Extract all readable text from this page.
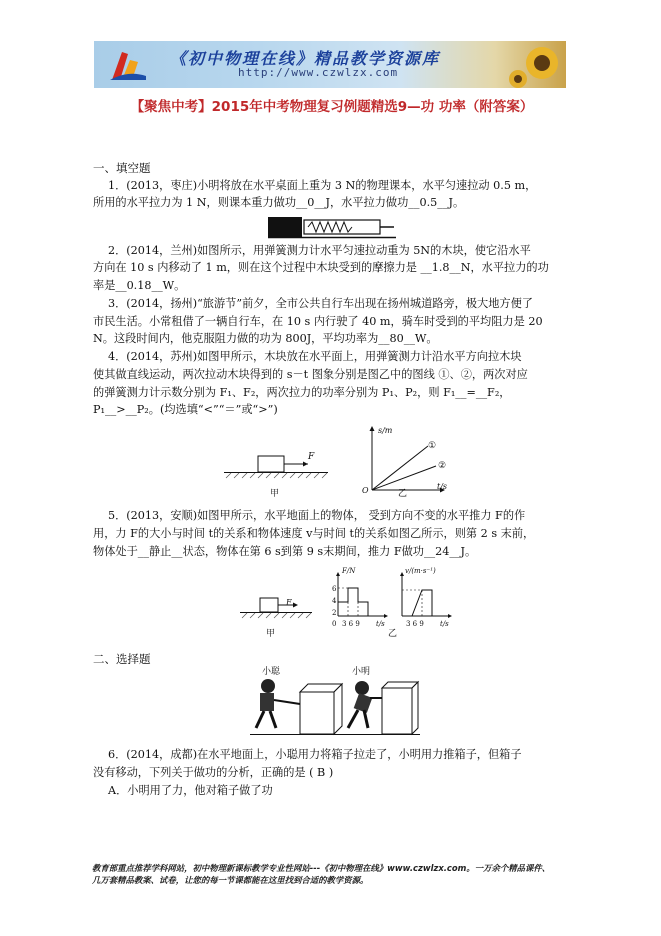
《初中物理在线》精品教学资源库
http://www.czwlzx.com
【聚焦中考】2015年中考物理复习例题精选9—功 功率（附答案）
一、填空题
1．(2013，枣庄)小明将放在水平桌面上重为 3 N的物理课本，水平匀速拉动 0.5 m，
所用的水平拉力为 1 N，则课本重力做功__0__J，水平拉力做功__0.5__J。
2．(2014，兰州)如图所示，用弹簧测力计水平匀速拉动重为 5N的木块，使它沿水平
方向在 10 s 内移动了 1 m，则在这个过程中木块受到的摩擦力是 __1.8__N，水平拉力的功
率是__0.18__W。
3．(2014，扬州)“旅游节”前夕，全市公共自行车出现在扬州城道路旁，极大地方便了
市民生活。小常租借了一辆自行车，在 10 s 内行驶了 40 m，骑车时受到的平均阻力是 20
N。这段时间内，他克服阻力做的功为 800J，平均功率为__80__W。
4．(2014，苏州)如图甲所示，木块放在水平面上，用弹簧测力计沿水平方向拉木块
使其做直线运动，两次拉动木块得到的 s－t 图象分别是图乙中的图线 ①、②，两次对应
的弹簧测力计示数分别为 F₁、F₂，两次拉力的功率分别为 P₁、P₂，则 F₁__=__F₂，
P₁__>__P₂。(均选填“<”“＝”或“>”)
F
甲
s/m
t/s
O
①
②
乙
5．(2013，安顺)如图甲所示，水平地面上的物体， 受到方向不变的水平推力 F的作
用，力 F的大小与时间 t的关系和物体速度 v与时间 t的关系如图乙所示，则第 2 s 末前，
物体处于__静止__状态，物体在第 6 s到第 9 s末期间，推力 F做功__24__J。
F
甲
F/N
6
4
2
0 3 6 9 t/s
v/(m·s⁻¹)
3 6 9 t/s
乙
二、选择题
小聪	小明
6．(2014，成都)在水平地面上，小聪用力将箱子拉走了，小明用力推箱子，但箱子
没有移动，下列关于做功的分析，正确的是 ( B )
A．小明用了力，他对箱子做了功
教育部重点推荐学科网站，初中物理新课标教学专业性网站---《初中物理在线》www.czwlzx.com。一万余个精品课件、
几万套精品教案、试卷，让您的每一节课都能在这里找到合适的教学资源。
